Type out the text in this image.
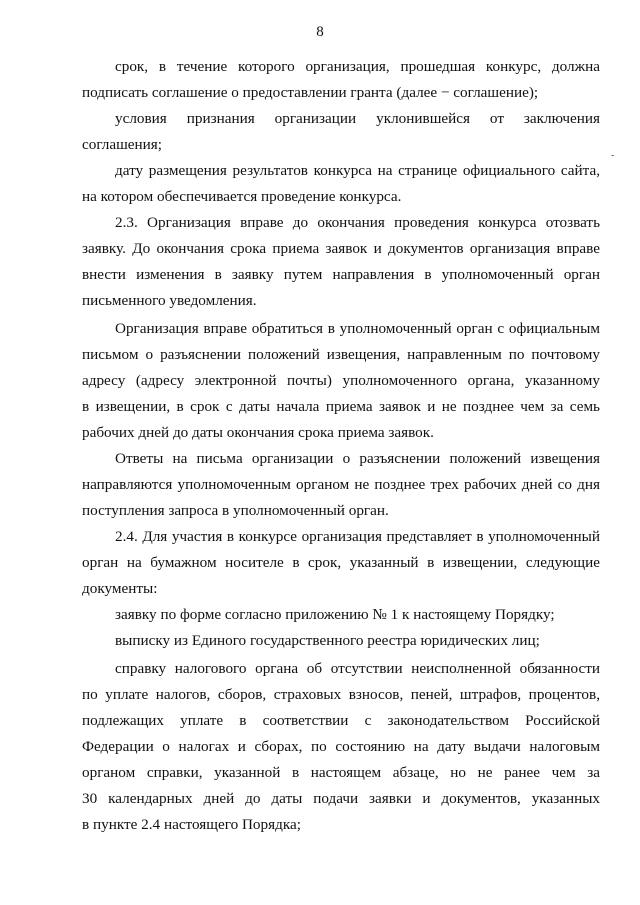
8
срок, в течение которого организация, прошедшая конкурс, должна
подписать соглашение о предоставлении гранта (далее − соглашение);
условия признания организации уклонившейся от заключения
соглашения;
дату размещения результатов конкурса на странице официального сайта,
на котором обеспечивается проведение конкурса.
2.3. Организация вправе до окончания проведения конкурса отозвать
заявку. До окончания срока приема заявок и документов организация вправе
внести изменения в заявку путем направления в уполномоченный орган
письменного уведомления.
Организация вправе обратиться в уполномоченный орган с официальным
письмом о разъяснении положений извещения, направленным по почтовому
адресу (адресу электронной почты) уполномоченного органа, указанному
в извещении, в срок с даты начала приема заявок и не позднее чем за семь
рабочих дней до даты окончания срока приема заявок.
Ответы на письма организации о разъяснении положений извещения
направляются уполномоченным органом не позднее трех рабочих дней со дня
поступления запроса в уполномоченный орган.
2.4. Для участия в конкурсе организация представляет в уполномоченный
орган на бумажном носителе в срок, указанный в извещении, следующие
документы:
заявку по форме согласно приложению № 1 к настоящему Порядку;
выписку из Единого государственного реестра юридических лиц;
справку налогового органа об отсутствии неисполненной обязанности
по уплате налогов, сборов, страховых взносов, пеней, штрафов, процентов,
подлежащих уплате в соответствии с законодательством Российской
Федерации о налогах и сборах, по состоянию на дату выдачи налоговым
органом справки, указанной в настоящем абзаце, но не ранее чем за
30 календарных дней до даты подачи заявки и документов, указанных
в пункте 2.4 настоящего Порядка;
-
